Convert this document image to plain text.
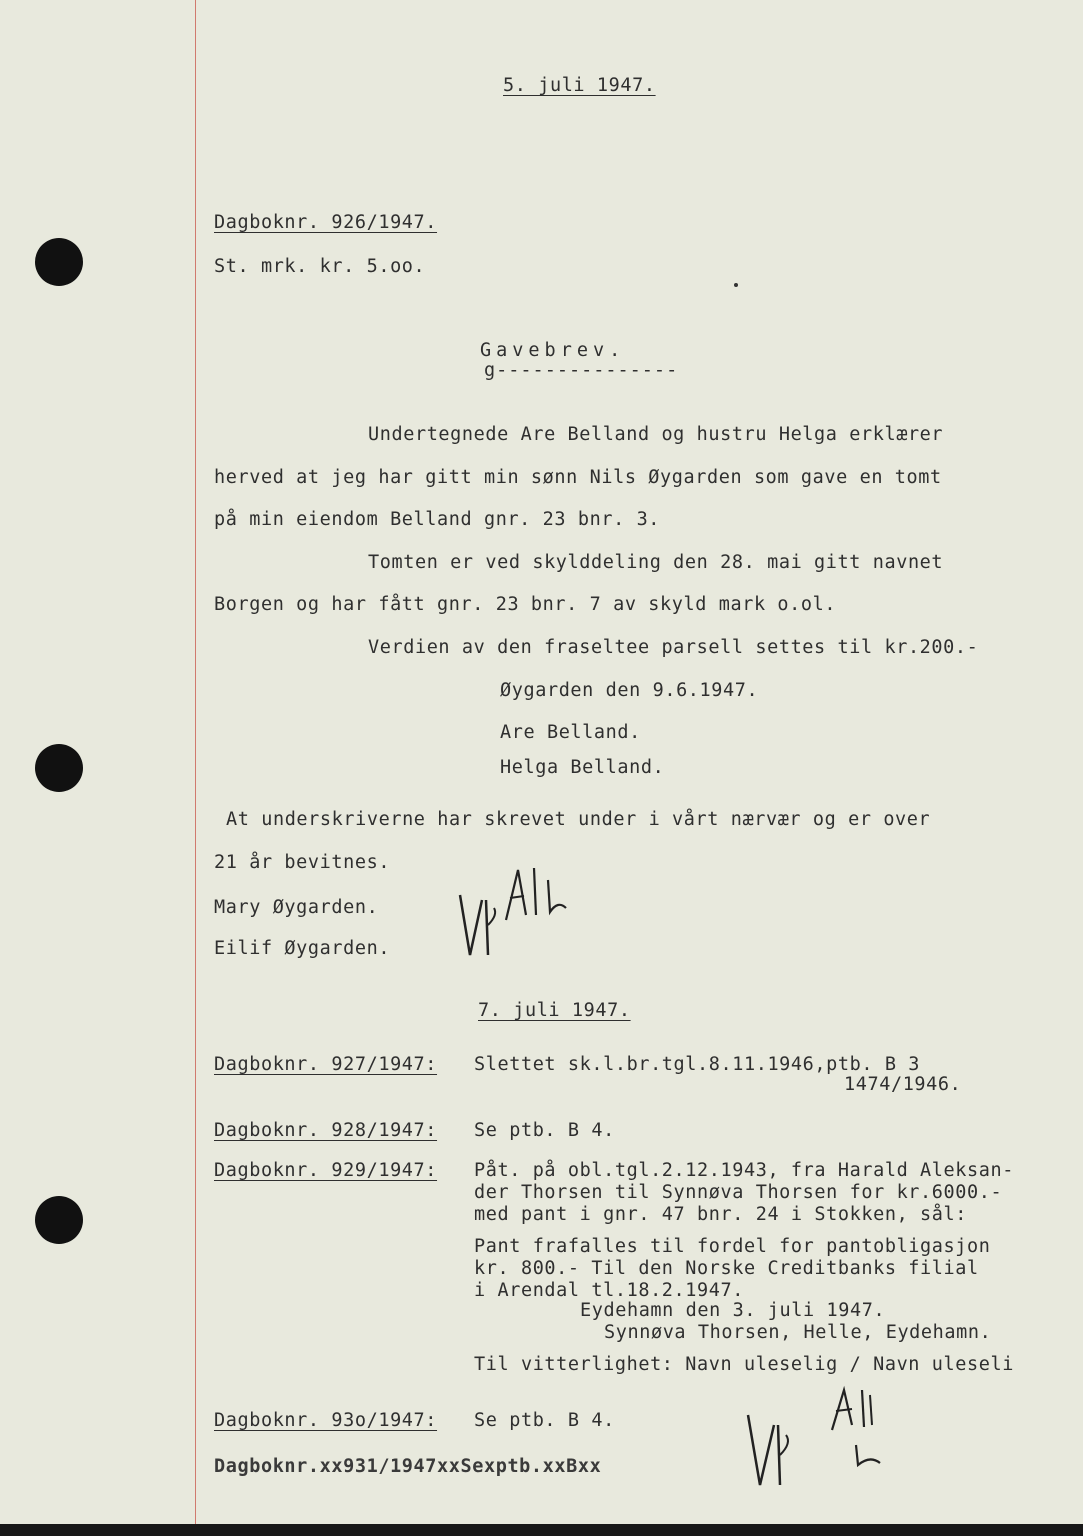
5. juli 1947.
Dagboknr. 926/1947.
St. mrk. kr. 5.oo.
Gavebrev.
g---------------
Undertegnede Are Belland og hustru Helga erklærer
herved at jeg har gitt min sønn Nils Øygarden som gave en tomt
på min eiendom Belland gnr. 23 bnr. 3.
Tomten er ved skylddeling den 28. mai gitt navnet
Borgen og har fått gnr. 23 bnr. 7 av skyld mark o.ol.
Verdien av den fraseltee parsell settes til kr.200.-
Øygarden den 9.6.1947.
Are Belland.
Helga Belland.
At underskriverne har skrevet under i vårt nærvær og er over
21 år bevitnes.
Mary Øygarden.
Eilif Øygarden.
7. juli 1947.
Dagboknr. 927/1947: Slettet sk.l.br.tgl.8.11.1946,ptb. B 3
1474/1946.
Dagboknr. 928/1947: Se ptb. B 4.
Dagboknr. 929/1947: Påt. på obl.tgl.2.12.1943, fra Harald Aleksan-
der Thorsen til Synnøva Thorsen for kr.6000.-
med pant i gnr. 47 bnr. 24 i Stokken, sål:
Pant frafalles til fordel for pantobligasjon
kr. 800.- Til den Norske Creditbanks filial
i Arendal tl.18.2.1947.
Eydehamn den 3. juli 1947.
Synnøva Thorsen, Helle, Eydehamn.
Til vitterlighet: Navn uleselig / Navn uleseli
Dagboknr. 93o/1947: Se ptb. B 4.
Dagboknr.xx931/1947xxSexptb.xxBxx
